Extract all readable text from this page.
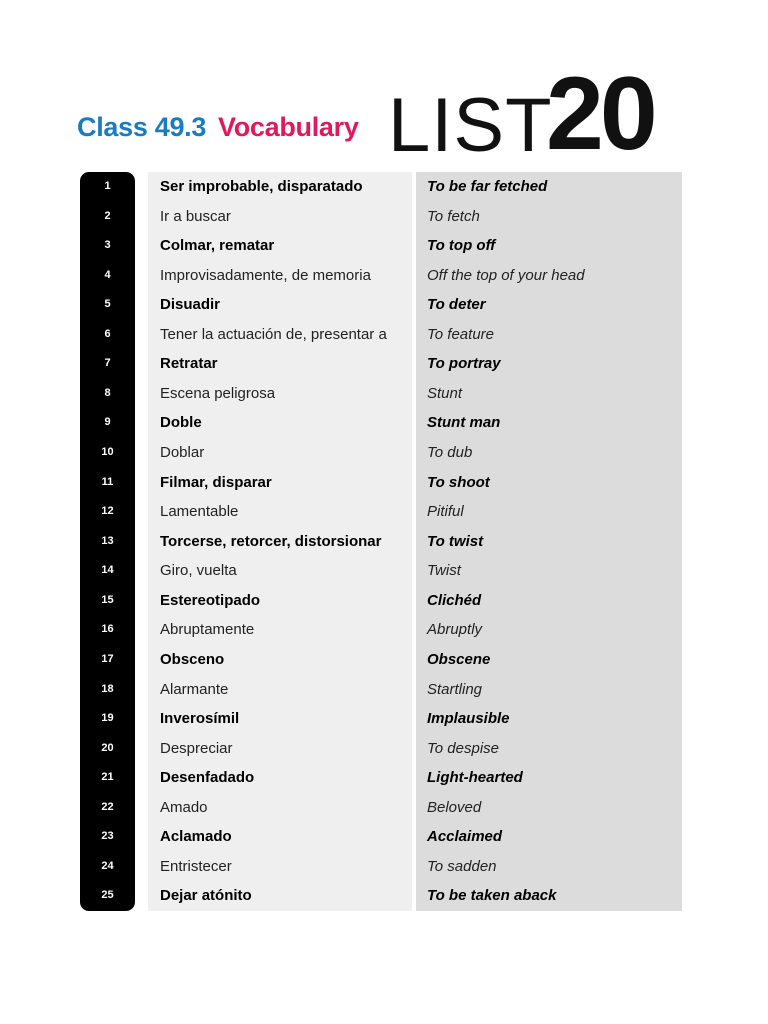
Class 49.3 Vocabulary LIST
20
1	Ser improbable, disparatado	To be far fetched
2	Ir a buscar	To fetch
3	Colmar, rematar	To top off
4	Improvisadamente, de memoria	Off the top of your head
5	Disuadir	To deter
6	Tener la actuación de, presentar a	To feature
7	Retratar	To portray
8	Escena peligrosa	Stunt
9	Doble	Stunt man
10	Doblar	To dub
11	Filmar, disparar	To shoot
12	Lamentable	Pitiful
13	Torcerse, retorcer, distorsionar	To twist
14	Giro, vuelta	Twist
15	Estereotipado	Clichéd
16	Abruptamente	Abruptly
17	Obsceno	Obscene
18	Alarmante	Startling
19	Inverosímil	Implausible
20	Despreciar	To despise
21	Desenfadado	Light-hearted
22	Amado	Beloved
23	Aclamado	Acclaimed
24	Entristecer	To sadden
25	Dejar atónito	To be taken aback
